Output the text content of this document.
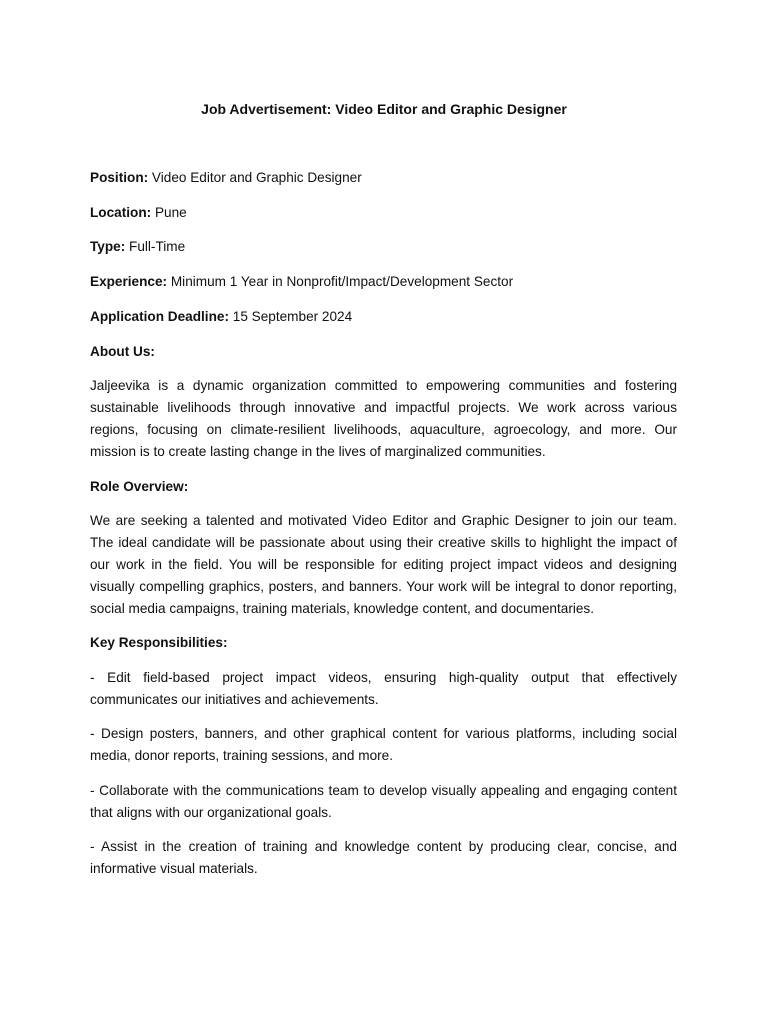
Job Advertisement: Video Editor and Graphic Designer
Position: Video Editor and Graphic Designer
Location: Pune
Type: Full-Time
Experience: Minimum 1 Year in Nonprofit/Impact/Development Sector
Application Deadline: 15 September 2024
About Us:
Jaljeevika is a dynamic organization committed to empowering communities and fostering sustainable livelihoods through innovative and impactful projects. We work across various regions, focusing on climate-resilient livelihoods, aquaculture, agroecology, and more. Our mission is to create lasting change in the lives of marginalized communities.
Role Overview:
We are seeking a talented and motivated Video Editor and Graphic Designer to join our team. The ideal candidate will be passionate about using their creative skills to highlight the impact of our work in the field. You will be responsible for editing project impact videos and designing visually compelling graphics, posters, and banners. Your work will be integral to donor reporting, social media campaigns, training materials, knowledge content, and documentaries.
Key Responsibilities:
- Edit field-based project impact videos, ensuring high-quality output that effectively communicates our initiatives and achievements.
- Design posters, banners, and other graphical content for various platforms, including social media, donor reports, training sessions, and more.
- Collaborate with the communications team to develop visually appealing and engaging content that aligns with our organizational goals.
- Assist in the creation of training and knowledge content by producing clear, concise, and informative visual materials.
